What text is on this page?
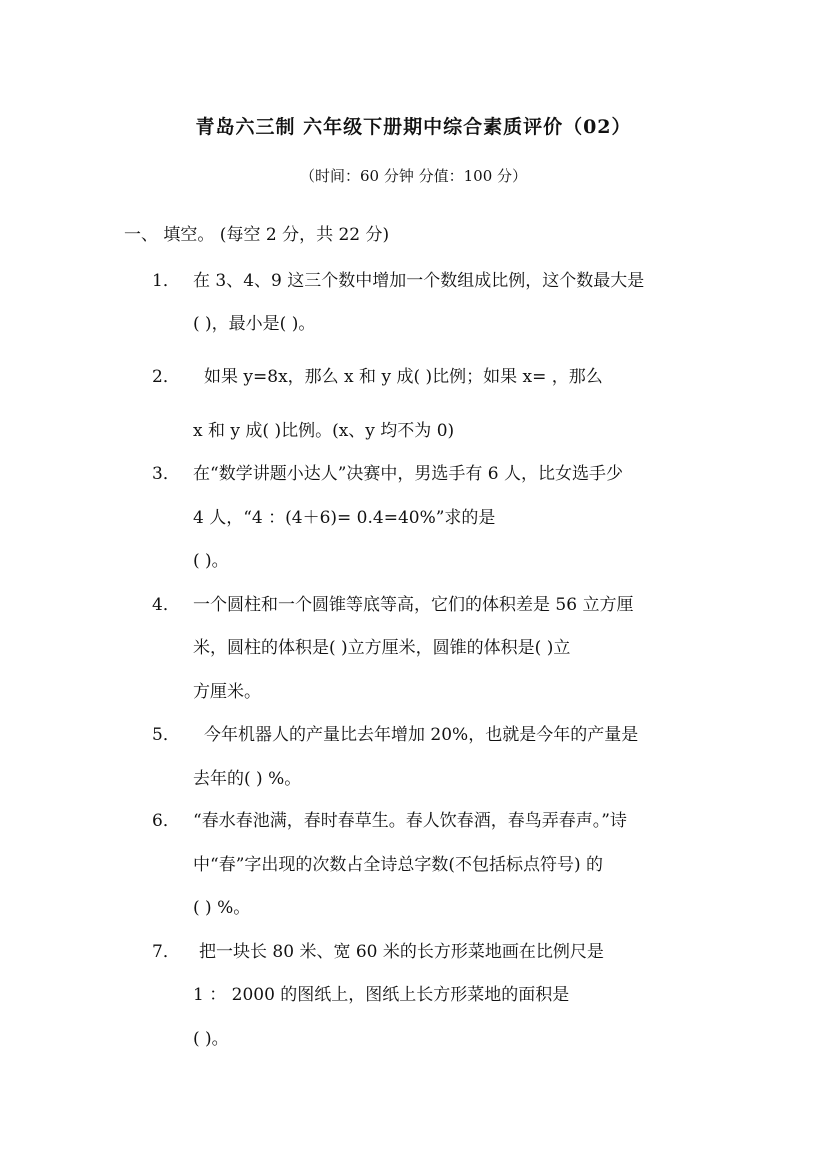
青岛六三制 六年级下册期中综合素质评价（02）
（时间：60 分钟 分值：100 分）
一、 填空。 (每空 2 分，共 22 分)
1． 在 3、4、9 这三个数中增加一个数组成比例，这个数最大是
( )，最小是( )。
2． 如果 y=8x，那么 x 和 y 成( )比例；如果 x= ，那么
x 和 y 成( )比例。(x、y 均不为 0)
3． 在“数学讲题小达人”决赛中，男选手有 6 人，比女选手少
4 人，“4 ：(4＋6)= 0.4=40%”求的是
( )。
4． 一个圆柱和一个圆锥等底等高，它们的体积差是 56 立方厘
米，圆柱的体积是( )立方厘米，圆锥的体积是( )立
方厘米。
5． 今年机器人的产量比去年增加 20%，也就是今年的产量是
去年的( ) %。
6． “春水春池满，春时春草生。春人饮春酒，春鸟弄春声。”诗
中“春”字出现的次数占全诗总字数(不包括标点符号) 的
( ) %。
7． 把一块长 80 米、宽 60 米的长方形菜地画在比例尺是
1 ： 2000 的图纸上，图纸上长方形菜地的面积是
( )。
